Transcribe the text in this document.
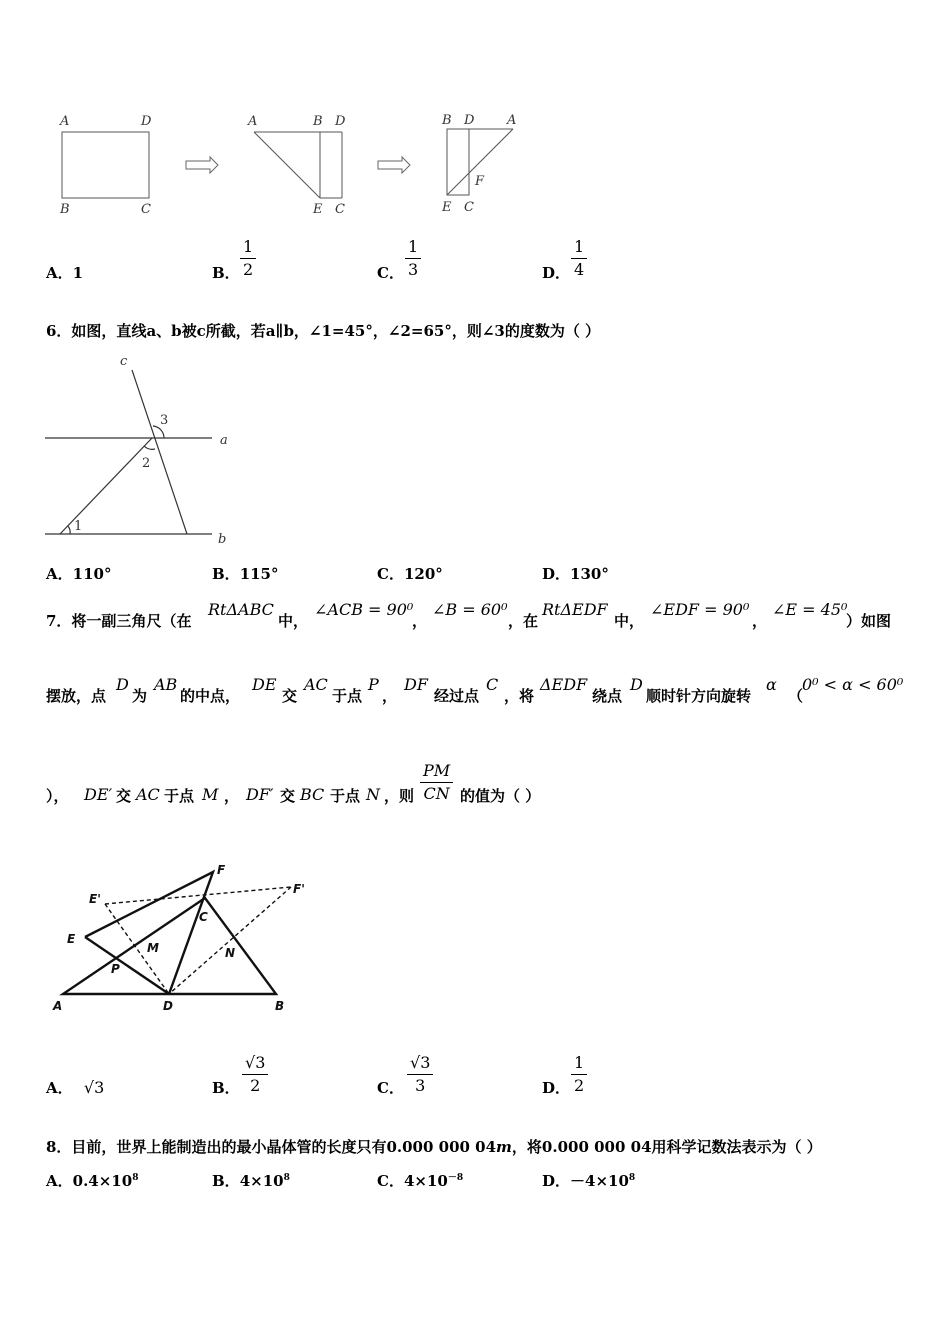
A	D
B	C
A	B D
E C
B D	A
F
E C
A．1	B． $\frac{1}{2}$	C． $\frac{1}{3}$	D． $\frac{1}{4}$
6．如图，直线a、b被c所截，若a∥b，∠1=45°，∠2=65°，则∠3的度数为（ ）
c
a
b
1
2
3
A．110°	B．115°	C．120°	D．130°
7．将一副三角尺（在
RtΔABC
中，
∠ACB = 90⁰
，
∠B = 60⁰
，在
RtΔEDF
中，
∠EDF = 90⁰
，
∠E = 45⁰
）如图
摆放，点
D
为
AB
的中点，
DE
交
AC
于点
P
，
DF
经过点
C
，将
ΔEDF
绕点
D
顺时针方向旋转
α
（
0⁰ < α < 60⁰
）， DE′ 交 AC 于点 M ， DF′ 交 BC 于点 N ，则 $\frac{PM}{CN}$ 的值为（ ）
F
E'
F'
C
E
M	N
P
A	D	B
A． √3	B． $\frac{√3}{2}$	C． $\frac{√3}{3}$	D． $\frac{1}{2}$
8．目前，世界上能制造出的最小晶体管的长度只有0.000 000 04m，将0.000 000 04用科学记数法表示为（ ）
A．$0.4\times 10^8$	B．$4\times 10^8$	C．$4\times 10^{-8}$	D．$-4\times 10^8$
